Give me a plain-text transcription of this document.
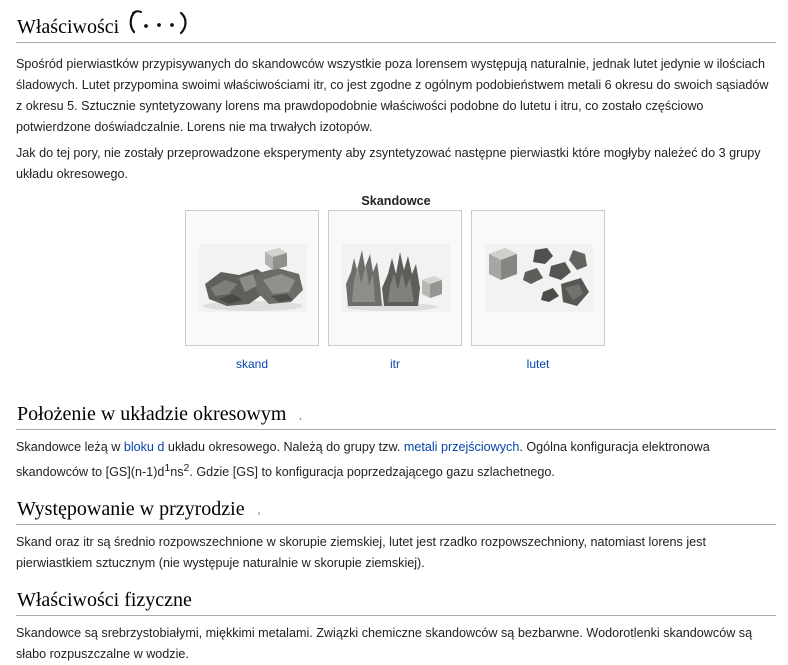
Właściwości

Spośród pierwiastków przypisywanych do skandowców wszystkie poza lorensem występują naturalnie, jednak lutet jedynie w ilościach śladowych. Lutet przypomina swoimi właściwościami itr, co jest zgodne z ogólnym podobieństwem metali 6 okresu do swoich sąsiadów z okresu 5. Sztucznie syntetyzowany lorens ma prawdopodobnie właściwości podobne do lutetu i itru, co zostało częściowo potwierdzone doświadczalnie. Lorens nie ma trwałych izotopów.

Jak do tej pory, nie zostały przeprowadzone eksperymenty aby zsyntetyzować następne pierwiastki które mogłyby należeć do 3 grupy układu okresowego.

Skandowce
skand	itr	lutet
Położenie w układzie okresowym

Skandowce leżą w bloku d układu okresowego. Należą do grupy tzw. metali przejściowych. Ogólna konfiguracja elektronowa skandowców to $[GS](n-1)d^1ns^2$. Gdzie [GS] to konfiguracja poprzedzającego gazu szlachetnego.

Występowanie w przyrodzie

Skand oraz itr są średnio rozpowszechnione w skorupie ziemskiej, lutet jest rzadko rozpowszechniony, natomiast lorens jest pierwiastkiem sztucznym (nie występuje naturalnie w skorupie ziemskiej).

Właściwości fizyczne

Skandowce są srebrzystobiałymi, miękkimi metalami. Związki chemiczne skandowców są bezbarwne. Wodorotlenki skandowców są słabo rozpuszczalne w wodzie.
